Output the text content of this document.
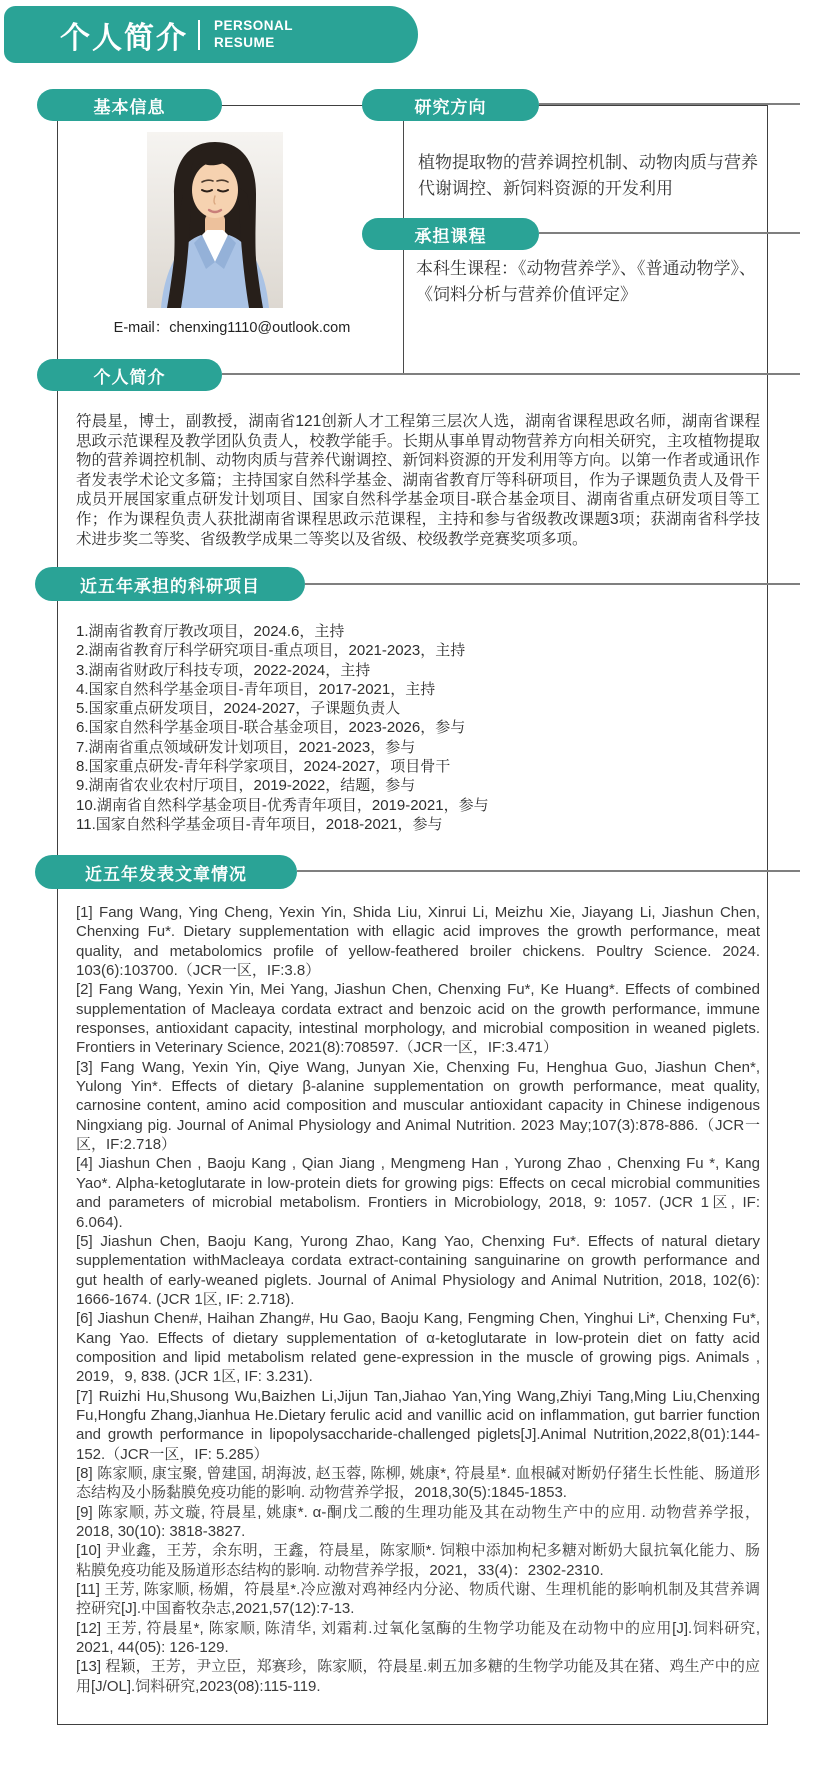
个人简介 PERSONAL
RESUME
基本信息	研究方向
承担课程
个人简介
近五年承担的科研项目
近五年发表文章情况
E-mail：chenxing1110@outlook.com
植物提取物的营养调控机制、动物肉质与营养代谢调控、新饲料资源的开发利用
本科生课程：《动物营养学》、《普通动物学》、《饲料分析与营养价值评定》
符晨星，博士，副教授，湖南省121创新人才工程第三层次人选，湖南省课程思政名师，湖南省课程思政示范课程及教学团队负责人，校教学能手。长期从事单胃动物营养方向相关研究，主攻植物提取物的营养调控机制、动物肉质与营养代谢调控、新饲料资源的开发利用等方向。以第一作者或通讯作者发表学术论文多篇；主持国家自然科学基金、湖南省教育厅等科研项目，作为子课题负责人及骨干成员开展国家重点研发计划项目、国家自然科学基金项目-联合基金项目、湖南省重点研发项目等工作；作为课程负责人获批湖南省课程思政示范课程，主持和参与省级教改课题3项；获湖南省科学技术进步奖二等奖、省级教学成果二等奖以及省级、校级教学竞赛奖项多项。
1.湖南省教育厅教改项目，2024.6，主持
2.湖南省教育厅科学研究项目-重点项目，2021-2023，主持
3.湖南省财政厅科技专项，2022-2024，主持
4.国家自然科学基金项目-青年项目，2017-2021，主持
5.国家重点研发项目，2024-2027，子课题负责人
6.国家自然科学基金项目-联合基金项目，2023-2026，参与
7.湖南省重点领域研发计划项目，2021-2023，参与
8.国家重点研发-青年科学家项目，2024-2027，项目骨干
9.湖南省农业农村厅项目，2019-2022，结题，参与
10.湖南省自然科学基金项目-优秀青年项目，2019-2021，参与
11.国家自然科学基金项目-青年项目，2018-2021，参与
[1] Fang Wang, Ying Cheng, Yexin Yin, Shida Liu, Xinrui Li, Meizhu Xie, Jiayang Li, Jiashun Chen, Chenxing Fu*. Dietary supplementation with ellagic acid improves the growth performance, meat quality, and metabolomics profile of yellow-feathered broiler chickens. Poultry Science. 2024. 103(6):103700.（JCR一区，IF:3.8）
[2] Fang Wang, Yexin Yin, Mei Yang, Jiashun Chen, Chenxing Fu*, Ke Huang*. Effects of combined supplementation of Macleaya cordata extract and benzoic acid on the growth performance, immune responses, antioxidant capacity, intestinal morphology, and microbial composition in weaned piglets. Frontiers in Veterinary Science, 2021(8):708597.（JCR一区，IF:3.471）
[3] Fang Wang, Yexin Yin, Qiye Wang, Junyan Xie, Chenxing Fu, Henghua Guo, Jiashun Chen*, Yulong Yin*. Effects of dietary β-alanine supplementation on growth performance, meat quality, carnosine content, amino acid composition and muscular antioxidant capacity in Chinese indigenous Ningxiang pig. Journal of Animal Physiology and Animal Nutrition. 2023 May;107(3):878-886.（JCR一区，IF:2.718）
[4] Jiashun Chen , Baoju Kang , Qian Jiang , Mengmeng Han , Yurong Zhao , Chenxing Fu *, Kang Yao*. Alpha-ketoglutarate in low-protein diets for growing pigs: Effects on cecal microbial communities and parameters of microbial metabolism. Frontiers in Microbiology, 2018, 9: 1057. (JCR 1区, IF: 6.064).
[5] Jiashun Chen, Baoju Kang, Yurong Zhao, Kang Yao, Chenxing Fu*. Effects of natural dietary supplementation withMacleaya cordata extract-containing sanguinarine on growth performance and gut health of early-weaned piglets. Journal of Animal Physiology and Animal Nutrition, 2018, 102(6): 1666-1674. (JCR 1区, IF: 2.718).
[6] Jiashun Chen#, Haihan Zhang#, Hu Gao, Baoju Kang, Fengming Chen, Yinghui Li*, Chenxing Fu*, Kang Yao. Effects of dietary supplementation of α-ketoglutarate in low-protein diet on fatty acid composition and lipid metabolism related gene-expression in the muscle of growing pigs. Animals , 2019，9, 838. (JCR 1区, IF: 3.231).
[7] Ruizhi Hu,Shusong Wu,Baizhen Li,Jijun Tan,Jiahao Yan,Ying Wang,Zhiyi Tang,Ming Liu,Chenxing Fu,Hongfu Zhang,Jianhua He.Dietary ferulic acid and vanillic acid on inflammation, gut barrier function and growth performance in lipopolysaccharide-challenged piglets[J].Animal Nutrition,2022,8(01):144-152.（JCR一区，IF: 5.285）
[8] 陈家顺, 康宝聚, 曾建国, 胡海波, 赵玉蓉, 陈柳, 姚康*, 符晨星*. 血根碱对断奶仔猪生长性能、肠道形态结构及小肠黏膜免疫功能的影响. 动物营养学报，2018,30(5):1845-1853.
[9] 陈家顺, 苏文璇, 符晨星, 姚康*. α-酮戊二酸的生理功能及其在动物生产中的应用. 动物营养学报，2018, 30(10): 3818-3827.
[10] 尹业鑫，王芳，余东明，王鑫，符晨星，陈家顺*. 饲粮中添加枸杞多糖对断奶大鼠抗氧化能力、肠粘膜免疫功能及肠道形态结构的影响. 动物营养学报，2021，33(4)：2302-2310.
[11] 王芳, 陈家顺, 杨媚，符晨星*.冷应激对鸡神经内分泌、物质代谢、生理机能的影响机制及其营养调控研究[J].中国畜牧杂志,2021,57(12):7-13.
[12] 王芳, 符晨星*, 陈家顺, 陈清华, 刘霜莉.过氧化氢酶的生物学功能及在动物中的应用[J].饲料研究, 2021, 44(05): 126-129.
[13] 程颖，王芳，尹立臣，郑赛珍，陈家顺，符晨星.刺五加多糖的生物学功能及其在猪、鸡生产中的应用[J/OL].饲料研究,2023(08):115-119.
